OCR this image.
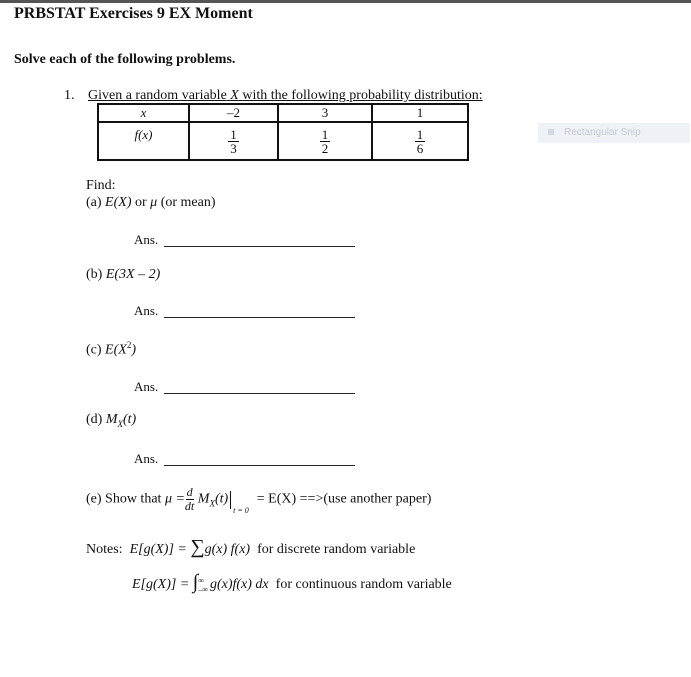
PRBSTAT Exercises 9 EX Moment
Solve each of the following problems.
1. Given a random variable X with the following probability distribution:
x	–2	3	1

f(x)	$\frac{1}{3}$	$\frac{1}{2}$	$\frac{1}{6}$	Rectangular Snip
Find:
(a) E(X) or μ (or mean)
Ans.
(b) E(3X – 2)
Ans.
(c) $E(X^2)$
Ans.
(d) $M_X(t)$
Ans.
(e) Show that $\mu = \frac{d}{dt} M_X(t)_{t = 0}= E(X) ==>(use$ another paper)
Notes: E[g(X)] = ∑g(x) f(x) for discrete random variable
E[g(X)] = ∫ ∞
–∞ g(x)f(x) dx for continuous random variable
